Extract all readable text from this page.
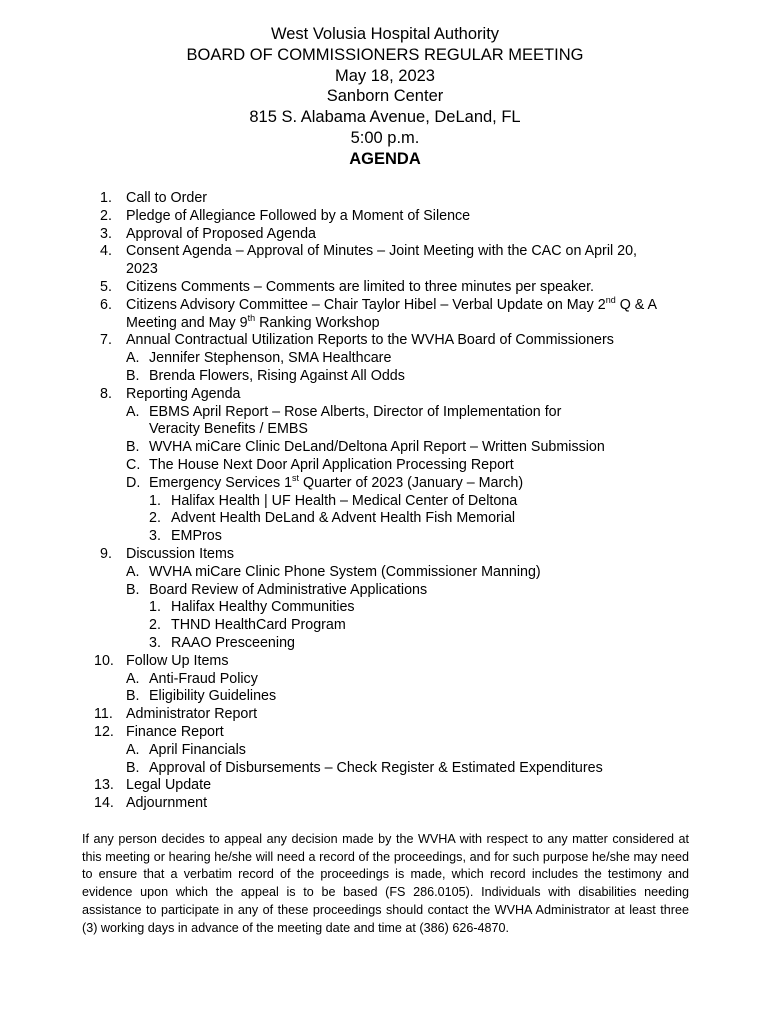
West Volusia Hospital Authority
BOARD OF COMMISSIONERS REGULAR MEETING
May 18, 2023
Sanborn Center
815 S. Alabama Avenue, DeLand, FL
5:00 p.m.
AGENDA
1. Call to Order
2. Pledge of Allegiance Followed by a Moment of Silence
3. Approval of Proposed Agenda
4. Consent Agenda – Approval of Minutes – Joint Meeting with the CAC on April 20,
2023
5. Citizens Comments – Comments are limited to three minutes per speaker.
6. Citizens Advisory Committee – Chair Taylor Hibel – Verbal Update on May 2nd Q & A
Meeting and May 9th Ranking Workshop
7. Annual Contractual Utilization Reports to the WVHA Board of Commissioners
A. Jennifer Stephenson, SMA Healthcare
B. Brenda Flowers, Rising Against All Odds
8. Reporting Agenda
A. EBMS April Report – Rose Alberts, Director of Implementation for
Veracity Benefits / EMBS
B. WVHA miCare Clinic DeLand/Deltona April Report – Written Submission
C. The House Next Door April Application Processing Report
D. Emergency Services 1st Quarter of 2023 (January – March)
1. Halifax Health | UF Health – Medical Center of Deltona
2. Advent Health DeLand & Advent Health Fish Memorial
3. EMPros
9. Discussion Items
A. WVHA miCare Clinic Phone System (Commissioner Manning)
B. Board Review of Administrative Applications
1. Halifax Healthy Communities
2. THND HealthCard Program
3. RAAO Presceening
10. Follow Up Items
A. Anti-Fraud Policy
B. Eligibility Guidelines
11. Administrator Report
12. Finance Report
A. April Financials
B. Approval of Disbursements – Check Register & Estimated Expenditures
13. Legal Update
14. Adjournment
If any person decides to appeal any decision made by the WVHA with respect to any matter considered at this meeting or hearing he/she will need a record of the proceedings, and for such purpose he/she may need to ensure that a verbatim record of the proceedings is made, which record includes the testimony and evidence upon which the appeal is to be based (FS 286.0105). Individuals with disabilities needing assistance to participate in any of these proceedings should contact the WVHA Administrator at least three (3) working days in advance of the meeting date and time at (386) 626-4870.
